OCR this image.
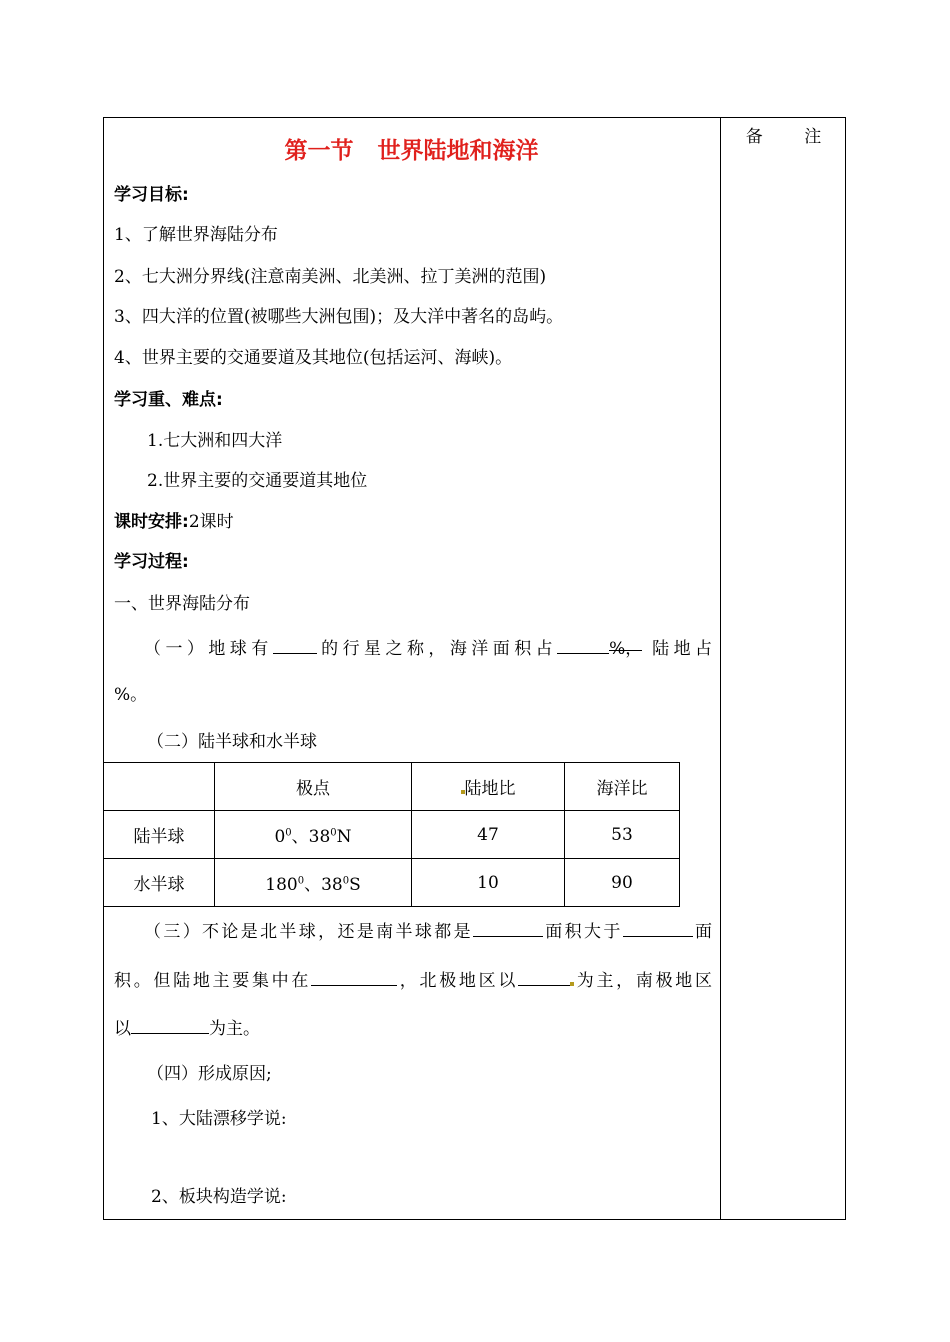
备 注
第一节   世界陆地和海洋
学习目标:
1、了解世界海陆分布
2、七大洲分界线(注意南美洲、北美洲、拉丁美洲的范围)
3、四大洋的位置(被哪些大洲包围)；及大洋中著名的岛屿。
4、世界主要的交通要道及其地位(包括运河、海峡)。
学习重、难点:
1.七大洲和四大洋
2.世界主要的交通要道其地位
课时安排:2课时
学习过程:
一、世界海陆分布
（一）地球有	的行星之称，海洋面积占	%， 陆地占
%。
（二）陆半球和水半球
	极点	陆地比	海洋比
陆半球	$0^0$、$38^0N$	47	53
水半球	$180^0$、$38^0S$	10	90
（三）不论是北半球，还是南半球都是	面积大于	面
积。但陆地主要集中在	，北极地区以	为主，南极地区
以	为主。
（四）形成原因;
1、大陆漂移学说:
2、板块构造学说:
